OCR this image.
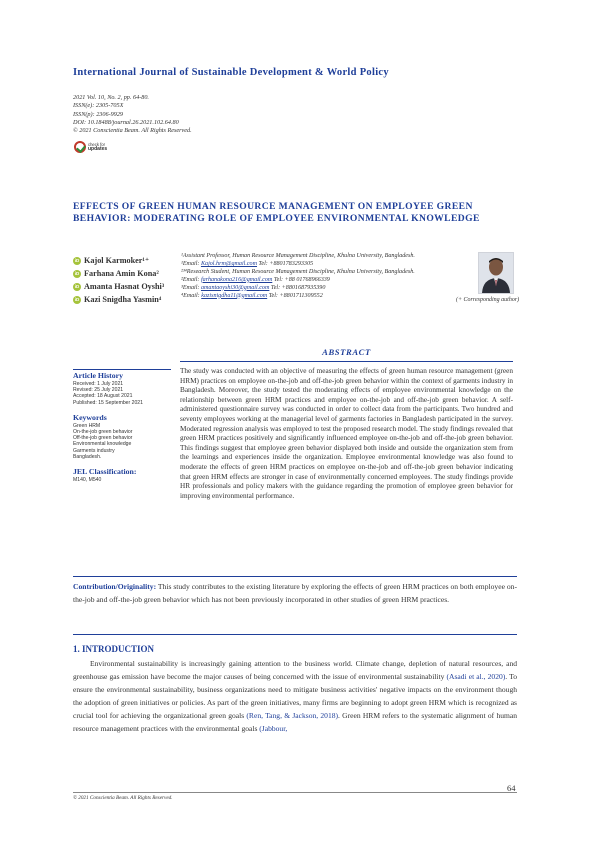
International Journal of Sustainable Development & World Policy
2021 Vol. 10, No. 2, pp. 64-80.
ISSN(e): 2305-705X
ISSN(p): 2306-9929
DOI: 10.18488/journal.26.2021.102.64.80
© 2021 Conscientia Beam. All Rights Reserved.
check for
updates
EFFECTS OF GREEN HUMAN RESOURCE MANAGEMENT ON EMPLOYEE GREEN BEHAVIOR: MODERATING ROLE OF EMPLOYEE ENVIRONMENTAL KNOWLEDGE
iD Kajol Karmoker¹⁺
iD Farhana Amin Kona²
iD Amanta Hasnat Oyshi³
iD Kazi Snigdha Yasmin⁴
¹Assistant Professor, Human Resource Management Discipline, Khulna University, Bangladesh.
¹Email: Kajol.hrm@gmail.com Tel: +8801783293305
²³⁴Research Student, Human Resource Management Discipline, Khulna University, Bangladesh.
²Email: farhanakona216@gmail.com Tel: +88 01768966339
³Email: amantaoyshi30@gmail.com Tel: +8801687935390
⁴Email: kazisnigdha11@gmail.com Tel: +8801711309552
(+ Corresponding author)
ABSTRACT
Article History
Received: 1 July 2021
Revised: 25 July 2021
Accepted: 18 August 2021
Published: 15 September 2021
Keywords
Green HRM
On-the-job green behavior
Off-the-job green behavior
Environmental knowledge
Garments industry
Bangladesh.
JEL Classification:
M140, M540
The study was conducted with an objective of measuring the effects of green human resource management (green HRM) practices on employee on-the-job and off-the-job green behavior within the context of garments industry in Bangladesh. Moreover, the study tested the moderating effects of employee environmental knowledge on the relationship between green HRM practices and employee on-the-job and off-the-job green behavior. A self-administered questionnaire survey was conducted in order to collect data from the participants. Two hundred and seventy employees working at the managerial level of garments factories in Bangladesh participated in the survey. Moderated regression analysis was employed to test the proposed research model. The study findings revealed that green HRM practices positively and significantly influenced employee on-the-job and off-the-job green behavior. This findings suggest that employee green behavior displayed both inside and outside the organization stem from the learnings and experiences inside the organization. Employee environmental knowledge was also found to moderate the effects of green HRM practices on employee on-the-job and off-the-job green behavior indicating that green HRM effects are stronger in case of environmentally concerned employees. The study findings provide HR professionals and policy makers with the guidance regarding the promotion of employee green behavior for improving environmental performance.
Contribution/Originality: This study contributes to the existing literature by exploring the effects of green HRM practices on both employee on-the-job and off-the-job green behavior which has not been previously incorporated in other studies of green HRM practices.
1. INTRODUCTION

Environmental sustainability is increasingly gaining attention to the business world. Climate change, depletion of natural resources, and greenhouse gas emission have become the major causes of being concerned with the issue of environmental sustainability (Asadi et al., 2020). To ensure the environmental sustainability, business organizations need to mitigate business activities' negative impacts on the environment though the adoption of green initiatives or policies. As part of the green initiatives, many firms are beginning to adopt green HRM which is recognized as crucial tool for achieving the organizational green goals (Ren, Tang, & Jackson, 2018). Green HRM refers to the systematic alignment of human resource management practices with the environmental goals (Jabbour,

64
© 2021 Conscientia Beam. All Rights Reserved.
